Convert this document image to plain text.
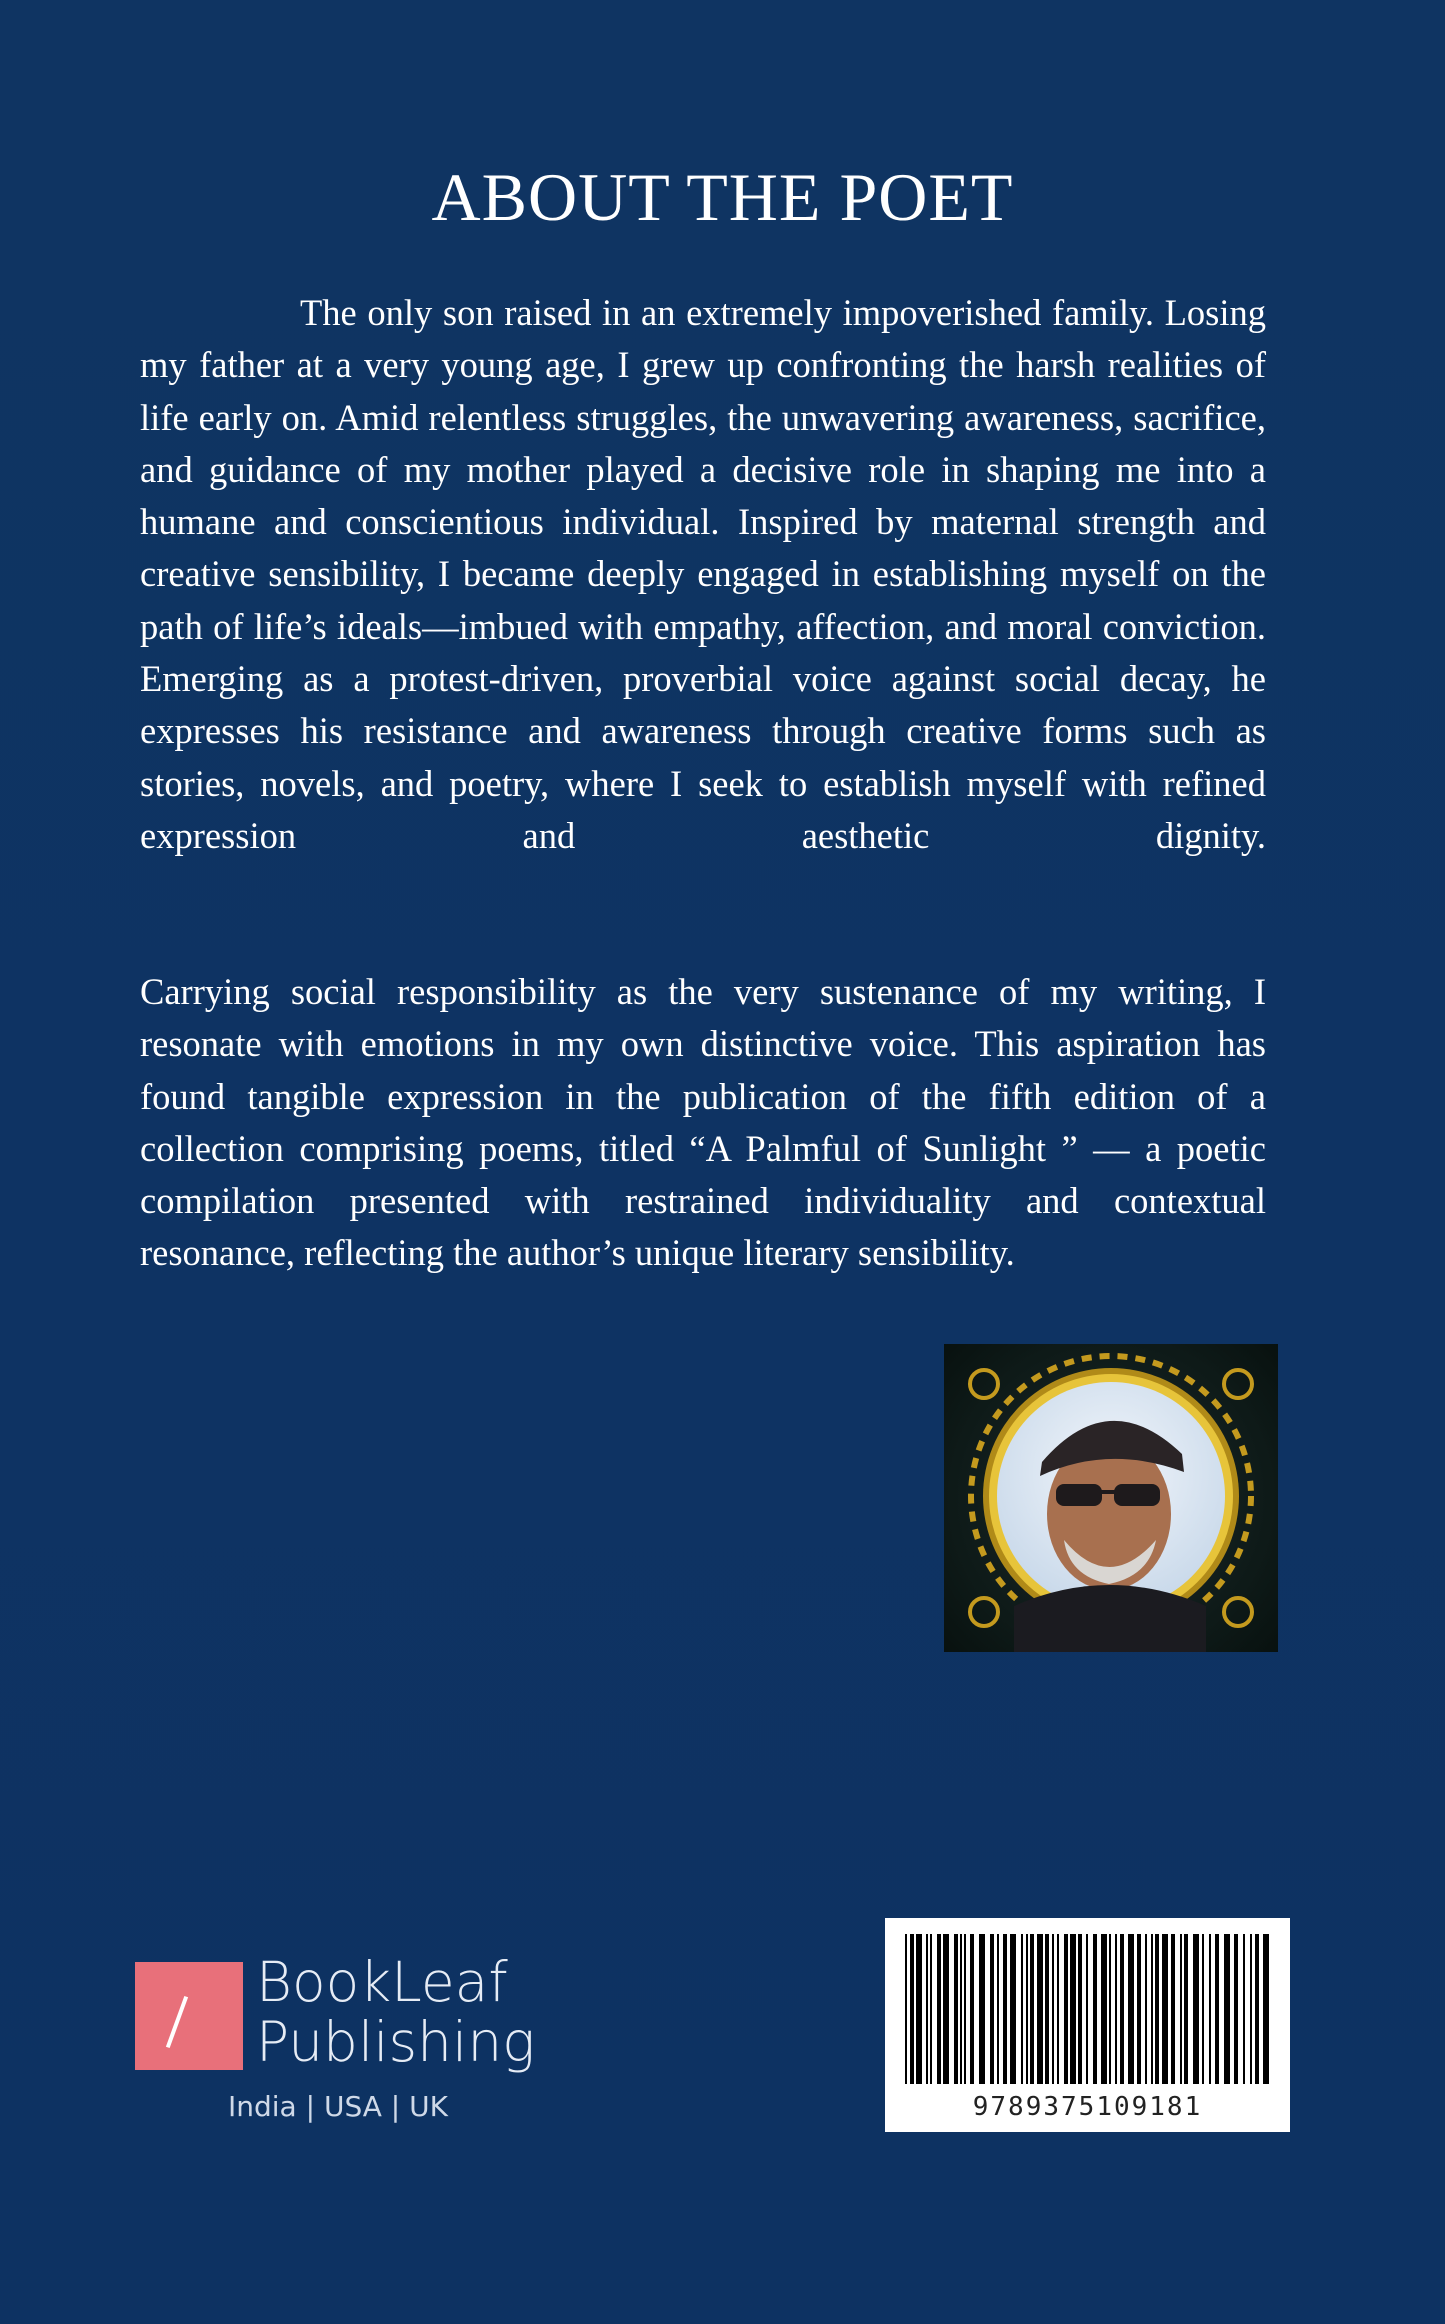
ABOUT THE POET

The only son raised in an extremely impoverished family. Losing my father at a very young age, I grew up confronting the harsh realities of life early on. Amid relentless struggles, the unwavering awareness, sacrifice, and guidance of my mother played a decisive role in shaping me into a humane and conscientious individual. Inspired by maternal strength and creative sensibility, I became deeply engaged in establishing myself on the path of life’s ideals—imbued with empathy, affection, and moral conviction. Emerging as a protest-driven, proverbial voice against social decay, he expresses his resistance and awareness through creative forms such as stories, novels, and poetry, where I seek to establish myself with refined expression and aesthetic dignity.

Carrying social responsibility as the very sustenance of my writing, I resonate with emotions in my own distinctive voice. This aspiration has found tangible expression in the publication of the fifth edition of a collection comprising poems, titled “A Palmful of Sunlight ” — a poetic compilation presented with restrained individuality and contextual resonance, reflecting the author’s unique literary sensibility.

BookLeaf
Publishing
India | USA | UK	9789375109181
